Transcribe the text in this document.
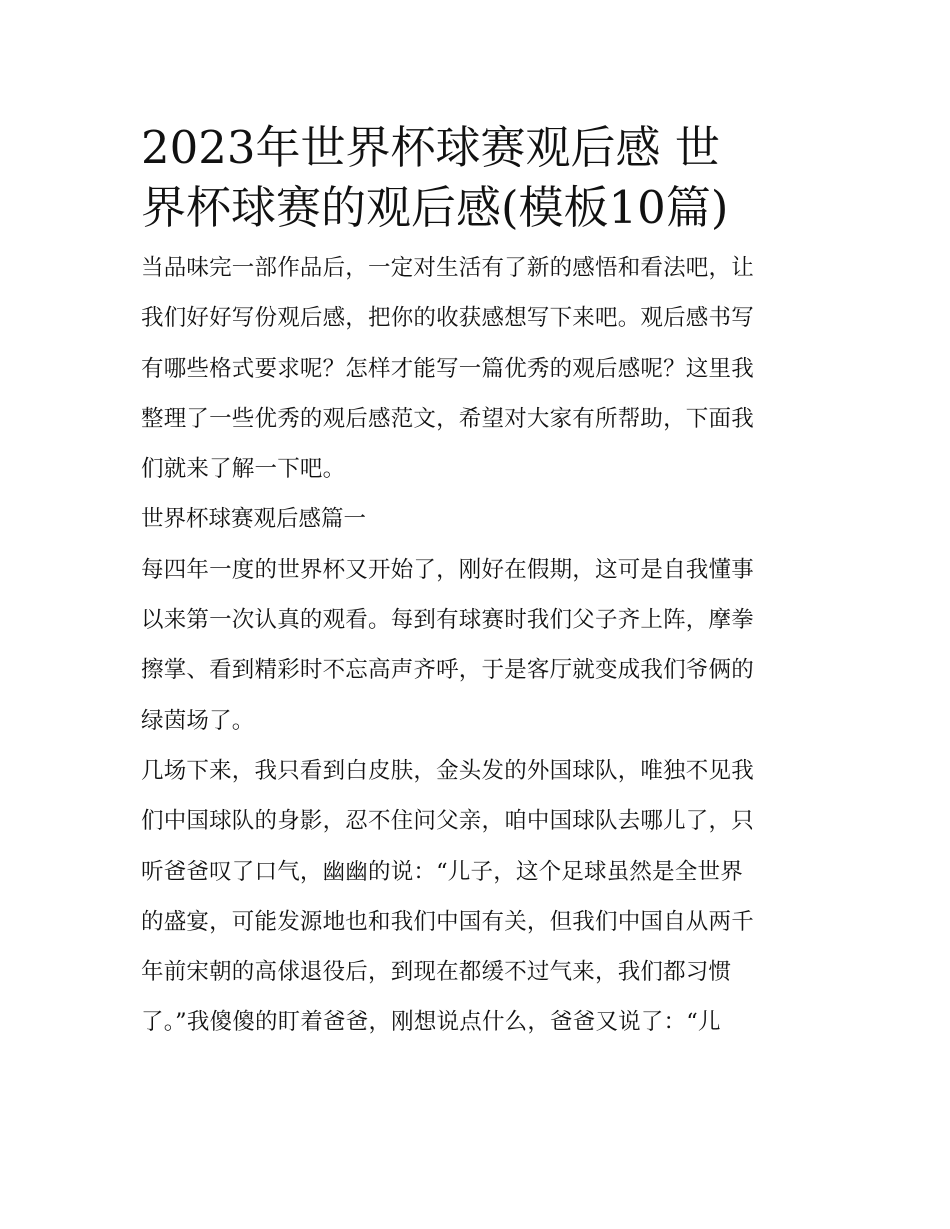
2023年世界杯球赛观后感 世
界杯球赛的观后感(模板10篇)
当品味完一部作品后，一定对生活有了新的感悟和看法吧，让
我们好好写份观后感，把你的收获感想写下来吧。观后感书写
有哪些格式要求呢？怎样才能写一篇优秀的观后感呢？这里我
整理了一些优秀的观后感范文，希望对大家有所帮助，下面我
们就来了解一下吧。
世界杯球赛观后感篇一
每四年一度的世界杯又开始了，刚好在假期，这可是自我懂事
以来第一次认真的观看。每到有球赛时我们父子齐上阵，摩拳
擦掌、看到精彩时不忘高声齐呼，于是客厅就变成我们爷俩的
绿茵场了。
几场下来，我只看到白皮肤，金头发的外国球队，唯独不见我
们中国球队的身影，忍不住问父亲，咱中国球队去哪儿了，只
听爸爸叹了口气，幽幽的说：“儿子，这个足球虽然是全世界
的盛宴，可能发源地也和我们中国有关，但我们中国自从两千
年前宋朝的高俅退役后，到现在都缓不过气来，我们都习惯
了。”我傻傻的盯着爸爸，刚想说点什么，爸爸又说了：“儿
